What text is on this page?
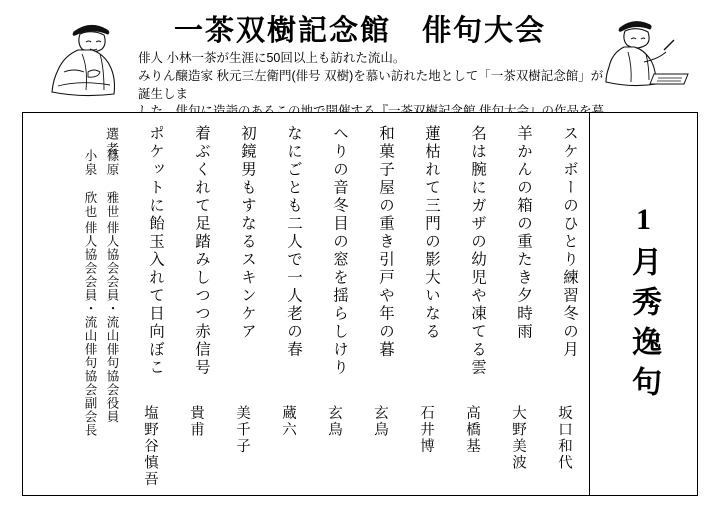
一茶双樹記念館　俳句大会
俳人 小林一茶が生涯に50回以上も訪れた流山。
みりん醸造家 秋元三左衛門(俳号 双樹)を慕い訪れた地として「一茶双樹記念館」が誕生しま
1月秀逸句
スケボーのひとり練習冬の月
坂口和代
羊かんの箱の重たき夕時雨
大野美波
名は腕にガザの幼児や凍てる雲
高橋基
蓮枯れて三門の影大いなる
石井博
和菓子屋の重き引戸や年の暮
玄鳥
へりの音冬目の窓を揺らしけり
玄鳥
なにごとも二人で一人老の春
蔵六
初鏡男もすなるスキンケア
美千子
着ぶくれて足踏みしつつ赤信号
貴甫
ポケットに飴玉入れて日向ぼこ
塩野谷慎吾
選者
小泉　欣也
俳人協会会員・流山俳句協会副会長
篠原　雅世
俳人協会会員・流山俳句協会役員
